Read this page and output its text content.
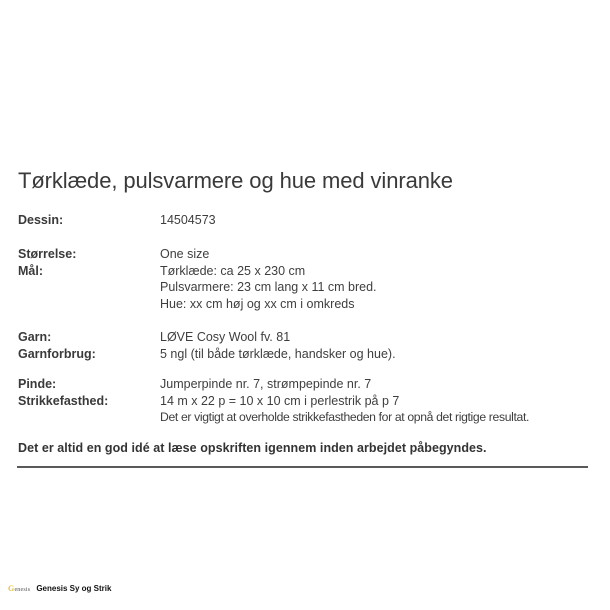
Tørklæde, pulsvarmere og hue med vinranke
Dessin:	14504573
Størrelse:	One size
Mål:	Tørklæde: ca 25 x 230 cm
Pulsvarmere: 23 cm lang x 11 cm bred.
Hue: xx cm høj og xx cm i omkreds
Garn:	LØVE Cosy Wool fv. 81
Garnforbrug:	5 ngl (til både tørklæde, handsker og hue).
Pinde:	Jumperpinde nr. 7, strømpepinde nr. 7
Strikkefasthed:	14 m x 22 p = 10 x 10 cm i perlestrik på p 7
Det er vigtigt at overholde strikkefastheden for at opnå det rigtige resultat.
Det er altid en god idé at læse opskriften igennem inden arbejdet påbegyndes.
G enesis Genesis Sy og Strik
